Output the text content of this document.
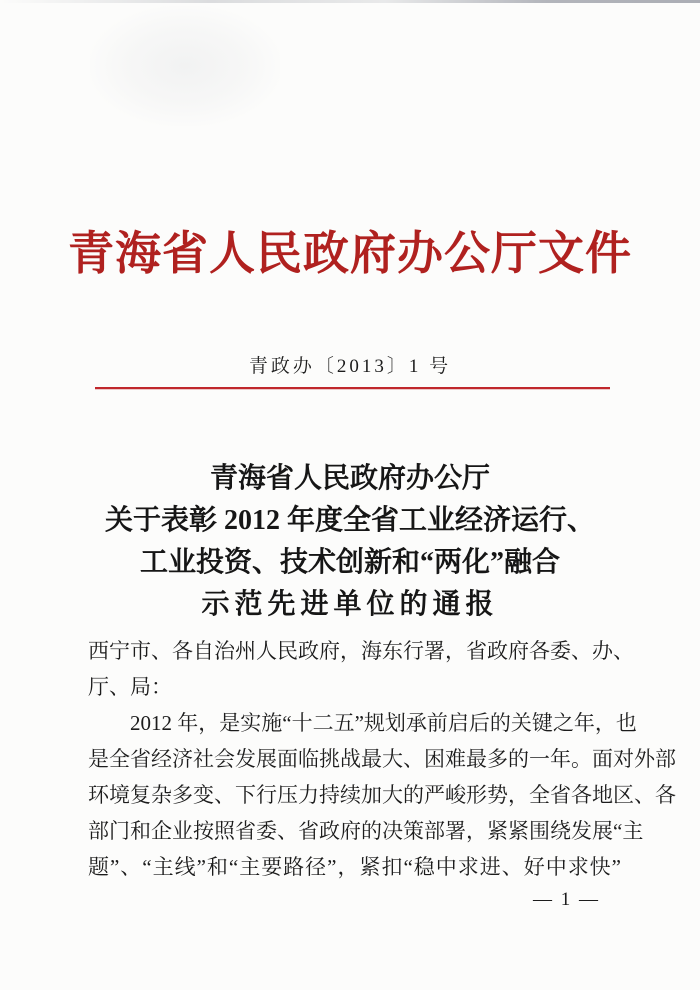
青海省人民政府办公厅文件
青政办〔2013〕1 号
青海省人民政府办公厅
关于表彰 2012 年度全省工业经济运行、
工业投资、技术创新和“两化”融合
示范先进单位的通报
西宁市、各自治州人民政府，海东行署，省政府各委、办、
厅、局：
2012 年，是实施“十二五”规划承前启后的关键之年，也
是全省经济社会发展面临挑战最大、困难最多的一年。面对外部
环境复杂多变、下行压力持续加大的严峻形势，全省各地区、各
部门和企业按照省委、省政府的决策部署，紧紧围绕发展“主
题”、“主线”和“主要路径”，紧扣“稳中求进、好中求快”
— 1 —
